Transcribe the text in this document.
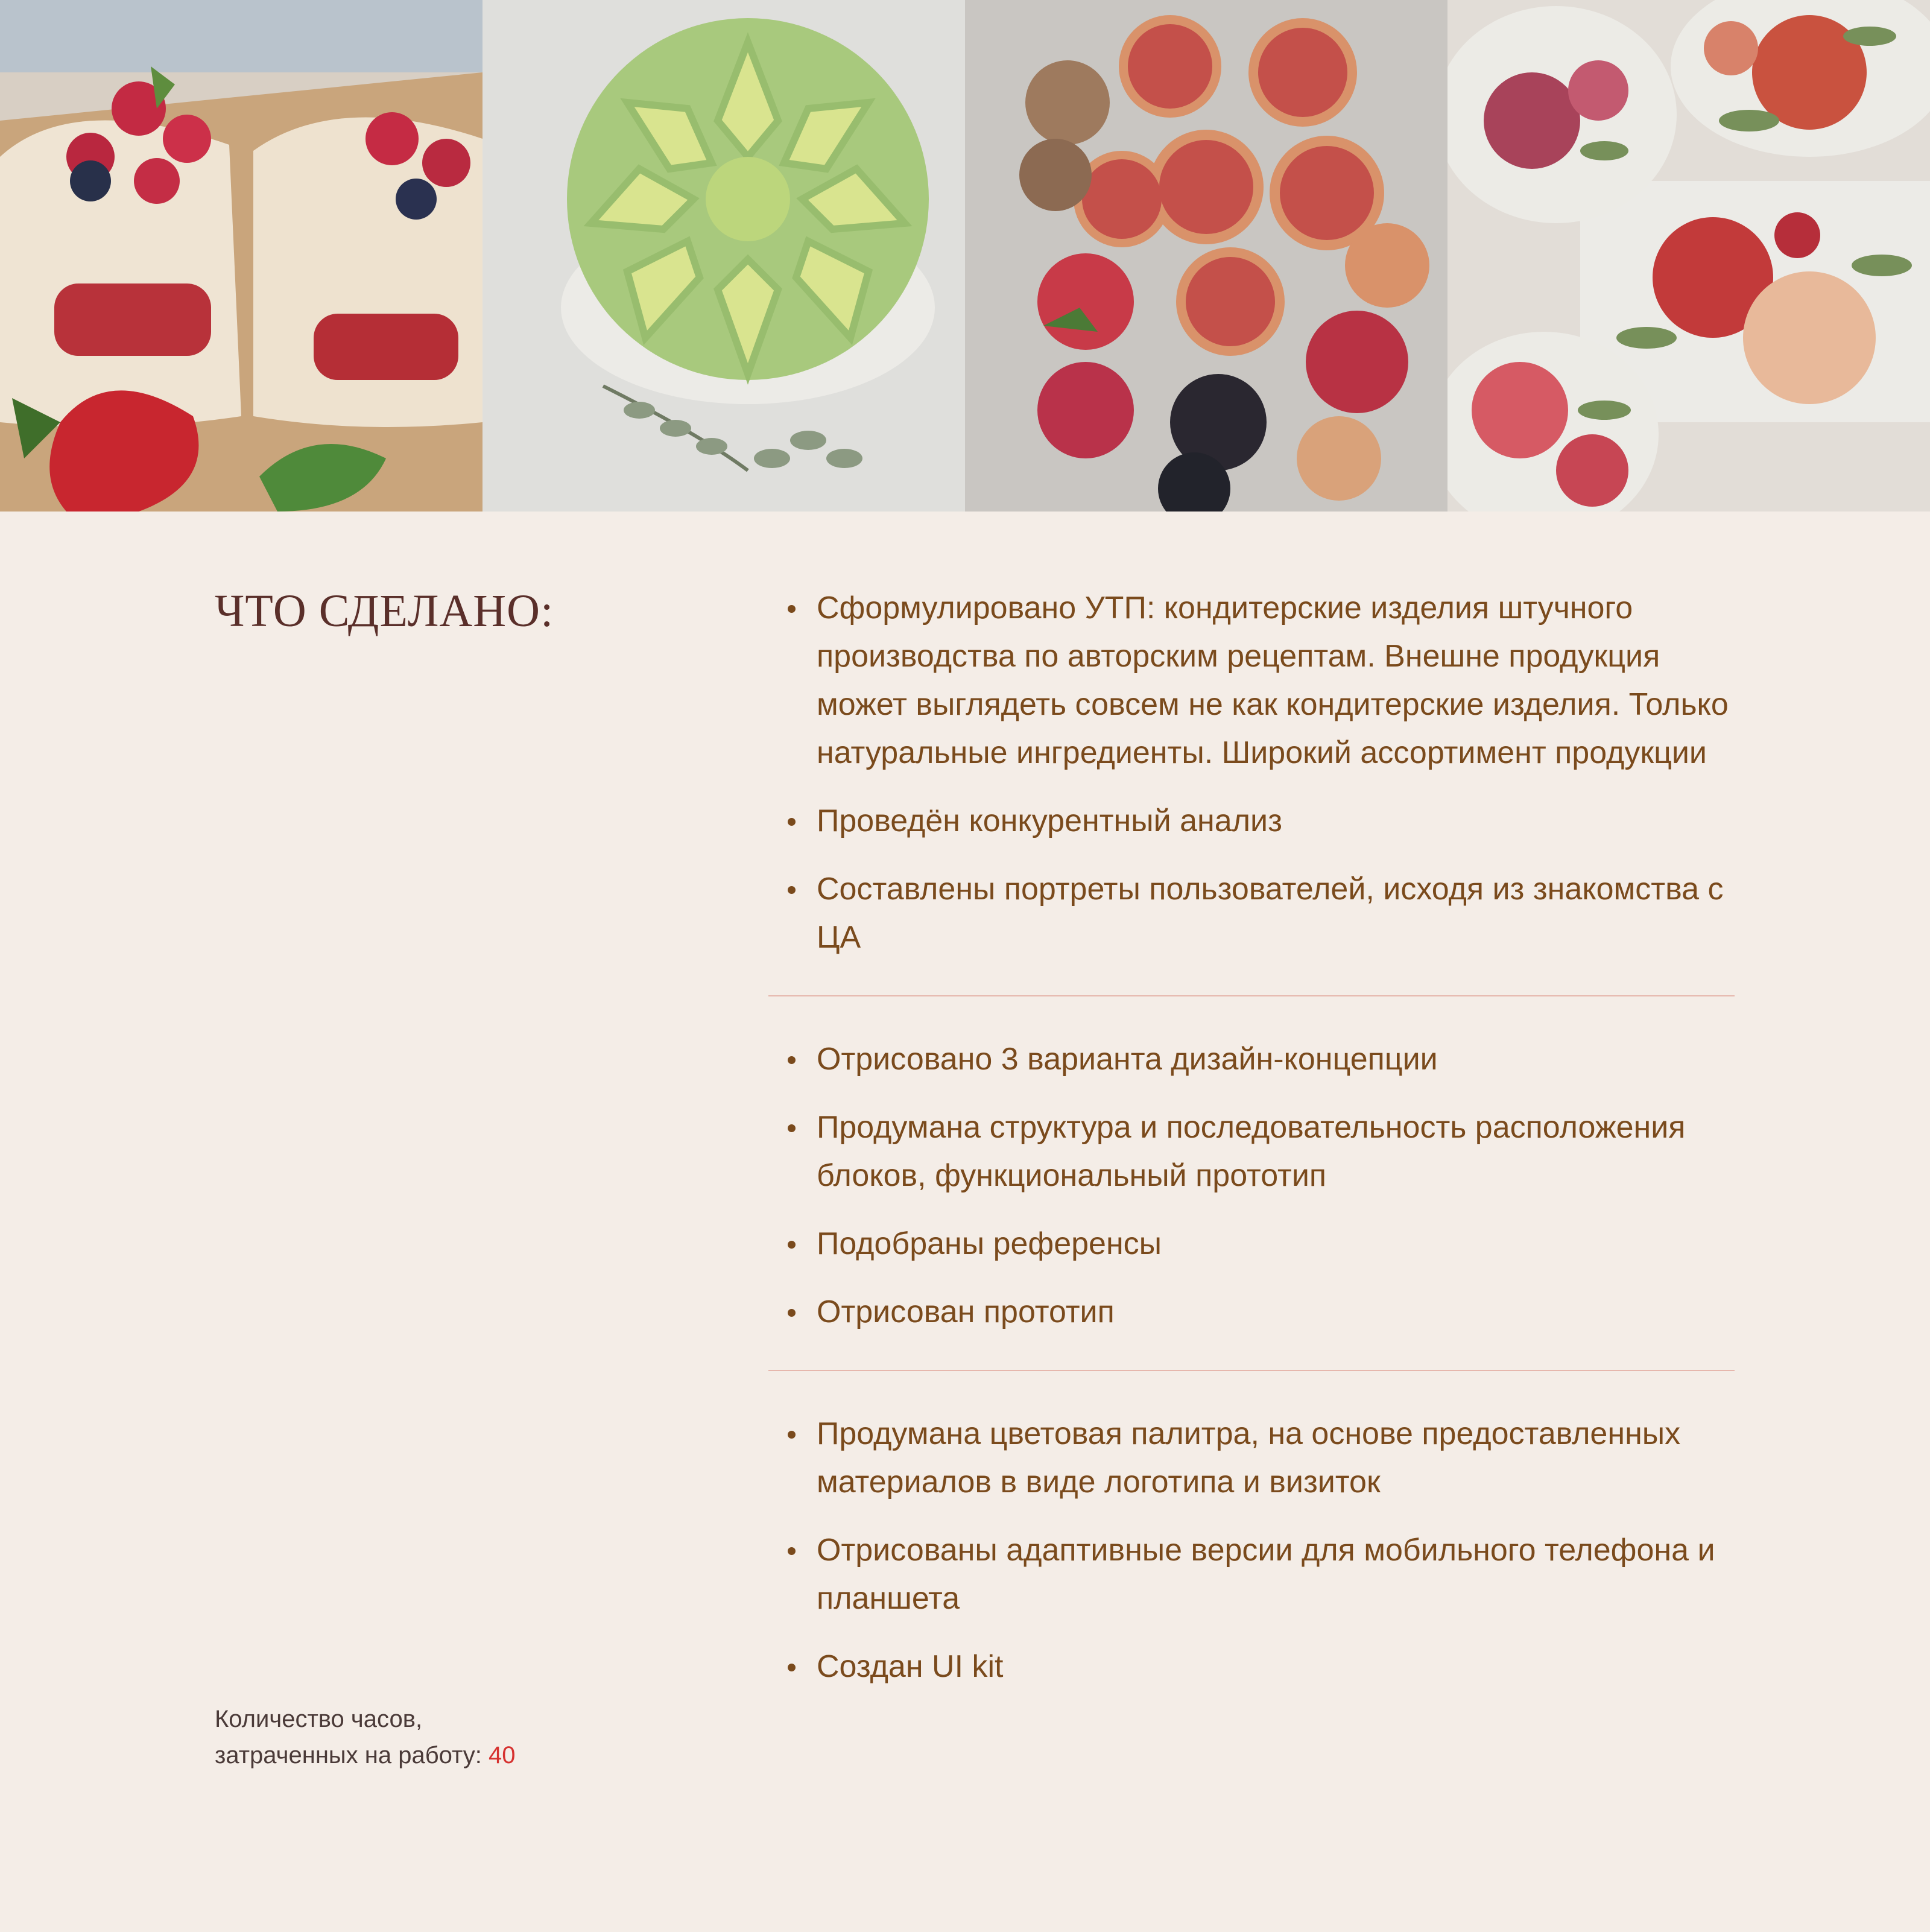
ЧТО СДЕЛАНО:	Сформулировано УТП: кондитерские изделия штучного производства по авторским рецептам. Внешне продукция может выглядеть совсем не как кондитерские изделия. Только натуральные ингредиенты. Широкий ассортимент продукции
Проведён конкурентный анализ
Составлены портреты пользователей, исходя из знакомства с ЦА
Отрисовано 3 варианта дизайн-концепции
Продумана структура и последовательность расположения блоков, функциональный прототип
Подобраны референсы
Отрисован прототип
Продумана цветовая палитра, на основе предоставленных материалов в виде логотипа и визиток
Отрисованы адаптивные версии для мобильного телефона и планшета
Создан UI kit
Количество часов,
затраченных на работу: 40
